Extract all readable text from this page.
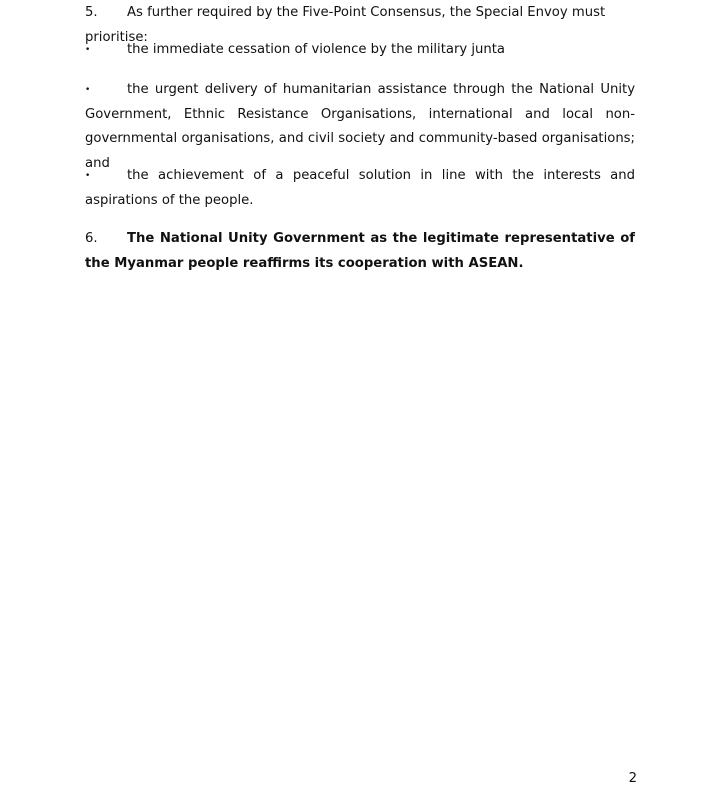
5.	As further required by the Five-Point Consensus, the Special Envoy must prioritise:
•	the immediate cessation of violence by the military junta
•	the urgent delivery of humanitarian assistance through the National Unity Government, Ethnic Resistance Organisations, international and local non-governmental organisations, and civil society and community-based organisations; and
•	the achievement of a peaceful solution in line with the interests and aspirations of the people.
6.	The National Unity Government as the legitimate representative of the Myanmar people reaffirms its cooperation with ASEAN.
2
